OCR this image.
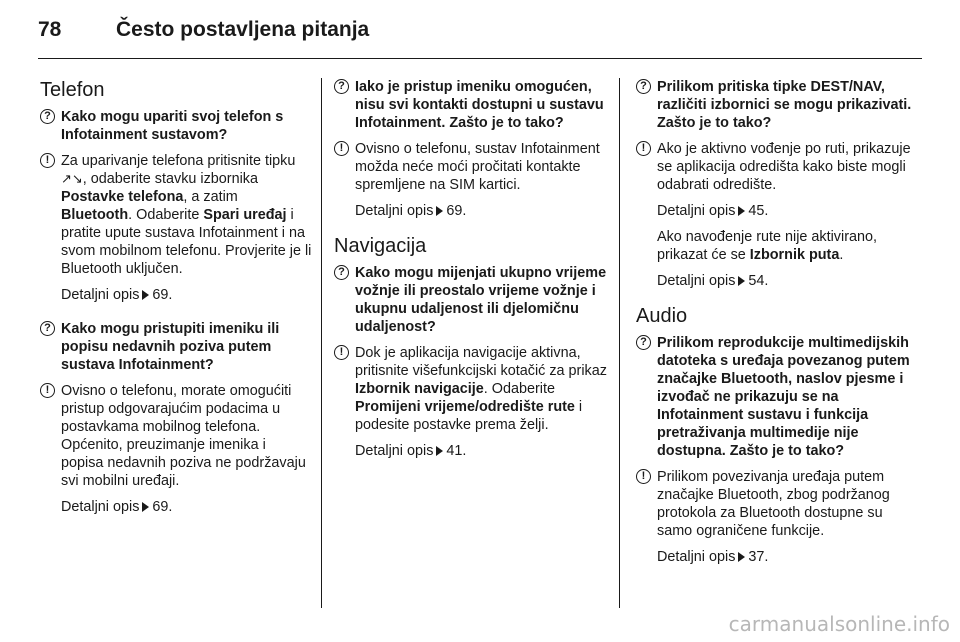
78	Često postavljena pitanja
Telefon
? Kako mogu upariti svoj telefon s Infotainment sustavom?
! Za uparivanje telefona pritisnite tipku ↗↘, odaberite stavku izbornika Postavke telefona, a zatim Bluetooth. Odaberite Spari uređaj i pratite upute sustava Infotainment i na svom mobilnom telefonu. Provjerite je li Bluetooth uključen.
Detaljni opis 69.
? Kako mogu pristupiti imeniku ili popisu nedavnih poziva putem sustava Infotainment?
! Ovisno o telefonu, morate omogućiti pristup odgovarajućim podacima u postavkama mobilnog telefona. Općenito, preuzimanje imenika i popisa nedavnih poziva ne podržavaju svi mobilni uređaji.
Detaljni opis 69.
? Iako je pristup imeniku omogućen, nisu svi kontakti dostupni u sustavu Infotainment. Zašto je to tako?
! Ovisno o telefonu, sustav Infotainment možda neće moći pročitati kontakte spremljene na SIM kartici.
Detaljni opis 69.
Navigacija
? Kako mogu mijenjati ukupno vrijeme vožnje ili preostalo vrijeme vožnje i ukupnu udaljenost ili djelomičnu udaljenost?
! Dok je aplikacija navigacije aktivna, pritisnite višefunkcijski kotačić za prikaz Izbornik navigacije. Odaberite Promijeni vrijeme/odredište rute i podesite postavke prema želji.
Detaljni opis 41.
? Prilikom pritiska tipke DEST/NAV, različiti izbornici se mogu prikazivati. Zašto je to tako?
! Ako je aktivno vođenje po ruti, prikazuje se aplikacija odredišta kako biste mogli odabrati odredište.
Detaljni opis 45.
Ako navođenje rute nije aktivirano, prikazat će se Izbornik puta.
Detaljni opis 54.
Audio
? Prilikom reprodukcije multimedijskih datoteka s uređaja povezanog putem značajke Bluetooth, naslov pjesme i izvođač ne prikazuju se na Infotainment sustavu i funkcija pretraživanja multimedije nije dostupna. Zašto je to tako?
! Prilikom povezivanja uređaja putem značajke Bluetooth, zbog podržanog protokola za Bluetooth dostupne su samo ograničene funkcije.
Detaljni opis 37.
carmanualsonline.info
